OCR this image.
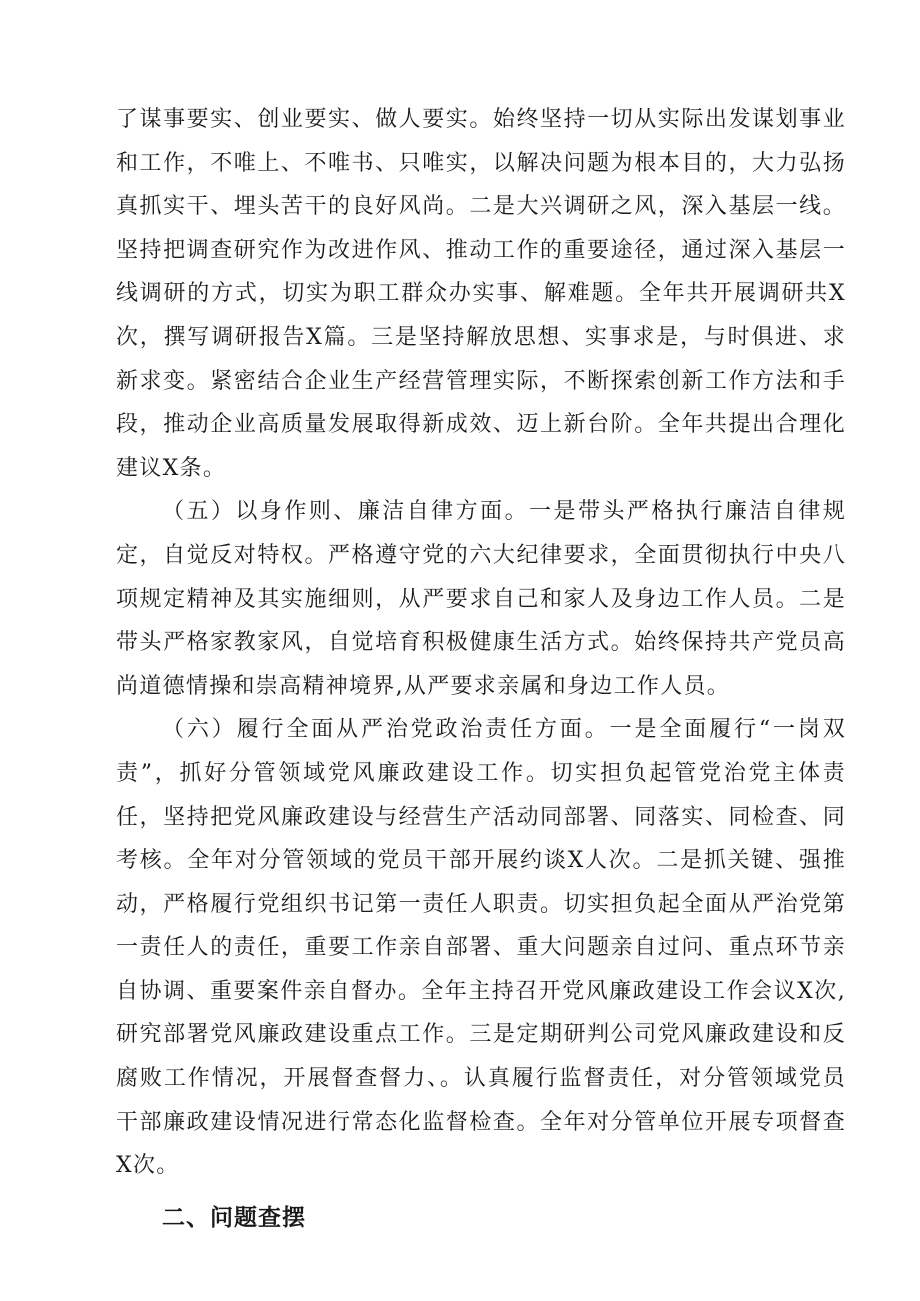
了谋事要实、创业要实、做人要实。始终坚持一切从实际出发谋划事业和工作，不唯上、不唯书、只唯实，以解决问题为根本目的，大力弘扬真抓实干、埋头苦干的良好风尚。二是大兴调研之风，深入基层一线。坚持把调查研究作为改进作风、推动工作的重要途径，通过深入基层一线调研的方式，切实为职工群众办实事、解难题。全年共开展调研共X次，撰写调研报告X篇。三是坚持解放思想、实事求是，与时俱进、求新求变。紧密结合企业生产经营管理实际，不断探索创新工作方法和手段，推动企业高质量发展取得新成效、迈上新台阶。全年共提出合理化建议X条。

（五）以身作则、廉洁自律方面。一是带头严格执行廉洁自律规定，自觉反对特权。严格遵守党的六大纪律要求，全面贯彻执行中央八项规定精神及其实施细则，从严要求自己和家人及身边工作人员。二是带头严格家教家风，自觉培育积极健康生活方式。始终保持共产党员高尚道德情操和崇高精神境界,从严要求亲属和身边工作人员。

（六）履行全面从严治党政治责任方面。一是全面履行“一岗双责”，抓好分管领域党风廉政建设工作。切实担负起管党治党主体责任，坚持把党风廉政建设与经营生产活动同部署、同落实、同检查、同考核。全年对分管领域的党员干部开展约谈X人次。二是抓关键、强推动，严格履行党组织书记第一责任人职责。切实担负起全面从严治党第一责任人的责任，重要工作亲自部署、重大问题亲自过问、重点环节亲自协调、重要案件亲自督办。全年主持召开党风廉政建设工作会议X次,研究部署党风廉政建设重点工作。三是定期研判公司党风廉政建设和反腐败工作情况，开展督查督力、。认真履行监督责任，对分管领域党员干部廉政建设情况进行常态化监督检查。全年对分管单位开展专项督查X次。

二、问题查摆
